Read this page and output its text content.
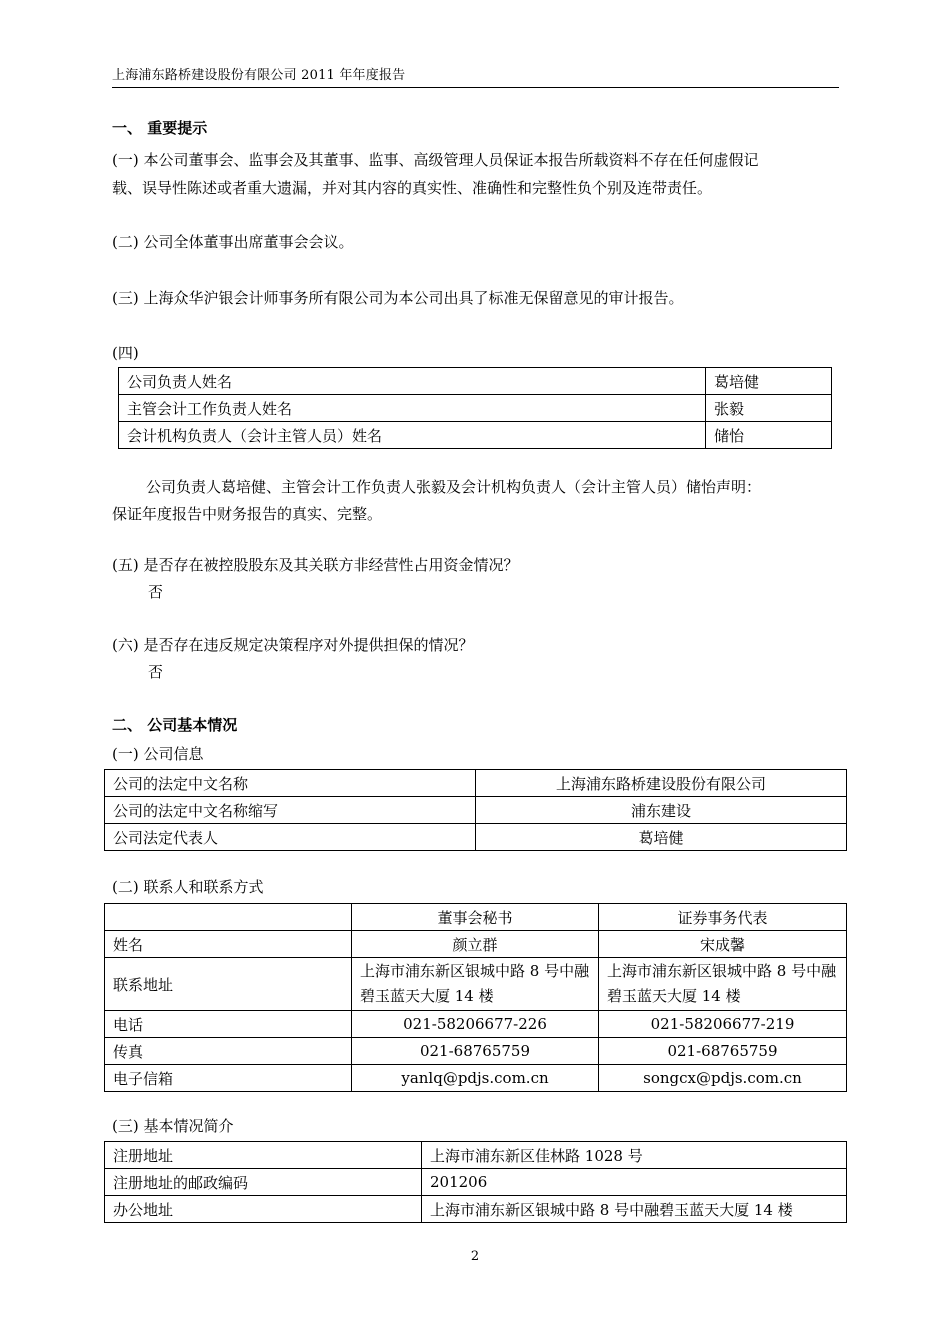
上海浦东路桥建设股份有限公司 2011 年年度报告
一、 重要提示
(一) 本公司董事会、监事会及其董事、监事、高级管理人员保证本报告所载资料不存在任何虚假记
载、误导性陈述或者重大遗漏，并对其内容的真实性、准确性和完整性负个别及连带责任。
(二) 公司全体董事出席董事会会议。
(三) 上海众华沪银会计师事务所有限公司为本公司出具了标准无保留意见的审计报告。
(四)
公司负责人姓名	葛培健
主管会计工作负责人姓名	张毅
会计机构负责人（会计主管人员）姓名	储怡
公司负责人葛培健、主管会计工作负责人张毅及会计机构负责人（会计主管人员）储怡声明：
保证年度报告中财务报告的真实、完整。
(五) 是否存在被控股股东及其关联方非经营性占用资金情况？
否
(六) 是否存在违反规定决策程序对外提供担保的情况？
否
二、 公司基本情况
(一) 公司信息
公司的法定中文名称	上海浦东路桥建设股份有限公司
公司的法定中文名称缩写	浦东建设
公司法定代表人	葛培健
(二) 联系人和联系方式
	董事会秘书	证券事务代表
姓名	颜立群	宋成馨
联系地址	上海市浦东新区银城中路 8 号中融碧玉蓝天大厦 14 楼	上海市浦东新区银城中路 8 号中融碧玉蓝天大厦 14 楼
电话	021-58206677-226	021-58206677-219
传真	021-68765759	021-68765759
电子信箱	yanlq@pdjs.com.cn	songcx@pdjs.com.cn
(三) 基本情况简介
注册地址	上海市浦东新区佳林路 1028 号
注册地址的邮政编码	201206
办公地址	上海市浦东新区银城中路 8 号中融碧玉蓝天大厦 14 楼
2
